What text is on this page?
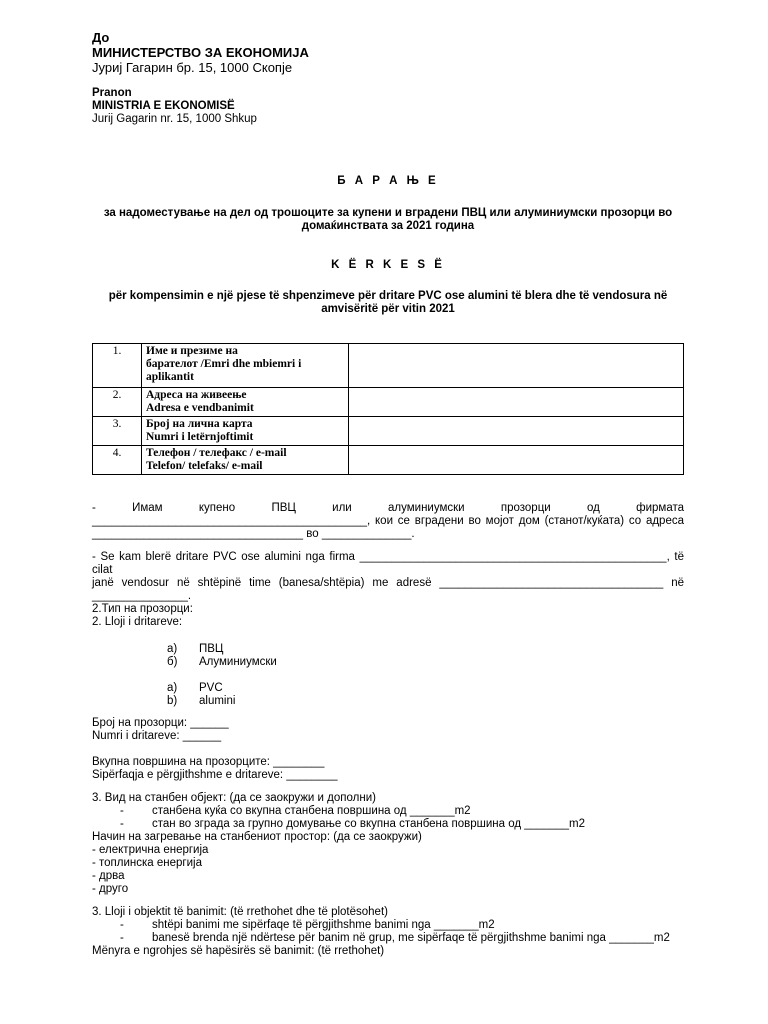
До
МИНИСТЕРСТВО ЗА ЕКОНОМИЈА
Јуриј Гагарин бр. 15, 1000 Скопје
Pranon
MINISTRIA E EKONOMISË
Jurij Gagarin nr. 15, 1000 Shkup
Б А Р А Њ Е
за надоместување на дел од трошоците за купени и вградени ПВЦ или алуминиумски прозорци во
домаќинствата за 2021 година
K Ë R K E S Ë
për kompensimin e një pjese të shpenzimeve për dritare PVC ose alumini të blera dhe të vendosura në
amvisëritë për vitin 2021
1.	Име и презиме на
барателот /Emri dhe mbiemri i
aplikantit	

2.	Адреса на живеење
Adresa e vendbanimit	

3.	Број на лична карта
Numri i letërnjoftimit	

4.	Телефон / телефакс / e-mail
Telefon/ telefaks/ e-mail	

- Имам купено ПВЦ или алуминиумски прозорци од фирмата
___________________________________________, кои се вградени во мојот дом (станот/куќата) со адреса
_________________________________ во ______________.
- Se kam blerë dritare PVC ose alumini nga firma ________________________________________________, të cilat
janë vendosur në shtëpinë time (banesa/shtëpia) me adresë ___________________________________ në
_______________.
2.Тип на прозорци:
2. Lloji i dritareve:
а)	ПВЦ
б)	Алуминиумски
a)	PVC
b)	alumini
Број на прозорци: ______
Numri i dritareve: ______
Вкупна површина на прозорците: ________
Sipërfaqja e përgjithshme e dritareve: ________
3. Вид на станбен објект: (да се заокружи и дополни)
-	станбена куќа со вкупна станбена површина од _______m2
-	стан во зграда за групно домување со вкупна станбена површина од _______m2
Начин на загревање на станбениот простор: (да се заокружи)
- електрична енергија
- топлинска енергија
- дрва
- друго
3. Lloji i objektit të banimit: (të rrethohet dhe të plotësohet)
-	shtëpi banimi me sipërfaqe të përgjithshme banimi nga _______m2
-	banesë brenda një ndërtese për banim në grup, me sipërfaqe të përgjithshme banimi nga _______m2
Mënyra e ngrohjes së hapësirës së banimit: (të rrethohet)
